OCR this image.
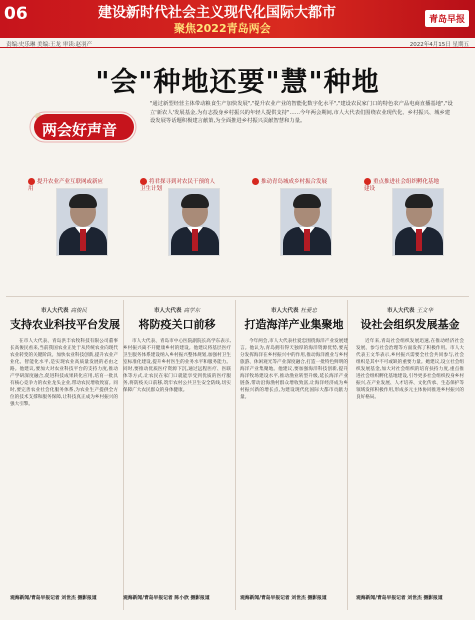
06	建设新时代社会主义现代化国际大都市
聚焦2022青岛两会
青岛早报
责编:史乐琳 美编:王龙 审读:赵羽产	2022年4月15日 星期五
"会"种地还要"慧"种地
两会好声音
"通过新型经营主体带动粮食生产加快发展","提升农业产业的智能化数字化水平","建设农民家门口的特色农产品电商直播基地","设立'新农人'发展基金,为有志投身乡村振兴的年轻人提供支持"……今年两会期间,市人大代表们围绕农业现代化、乡村振兴、城乡建设发展等话题积极建言献策,为全面推进乡村振兴贡献智慧和力量。
提升农业产业互联网或新应用
将君探寻到对农民干预的人卫生计划
推动青岛城成乡村振合发展	重点推进社会组织孵化基地建设
市人大代表 高俊民
支持农业科技平台发展
在市人大代表、青岛洪丰农牧科技有限公司董事长高俊民看来,当前我国农业正处于从传统农业向现代农业转变的关键阶段。加快农业科技创新,提升农业产业化、智能化水平,是实现农业高质量发展的必由之路。他建议,要加大对农业科技平台的支持力度,推动产学研深度融合,促进科技成果转化应用,培育一批具有核心竞争力的农业龙头企业,带动农民增收致富。同时,要完善农业社会化服务体系,为农业生产提供全方位的技术支撑和服务保障,让科技真正成为乡村振兴的强大引擎。
观海新闻/青岛早报记者 刘世杰 摄影报道
市人大代表 高学东
将防疫关口前移
市人大代表、青岛市中心医院副院长高学东表示,乡村振兴离不开健康乡村的建设。他建议将基层医疗卫生服务体系建设纳入乡村振兴整体规划,加强村卫生室标准化建设,提升乡村医生的业务水平和服务能力。同时,要推动优质医疗资源下沉,通过远程医疗、医联体等方式,让农民在家门口就能享受到优质的医疗服务,将防疫关口前移,筑牢农村公共卫生安全防线,切实保障广大农民群众的身体健康。
观海新闻/青岛早报记者 陈小欣 摄影报道
市人大代表 杜爱忠
打造海洋产业集聚地
今年两会,市人大代表杜爱忠围绕海洋产业发展建言。他认为,青岛拥有得天独厚的海洋资源优势,要充分发挥海洋在乡村振兴中的作用,推动海洋渔业与乡村旅游、休闲观光等产业深度融合,打造一批特色鲜明的海洋产业集聚地。他建议,要加强海洋科技创新,提升海洋牧场建设水平,推动渔业转型升级,延长海洋产业链条,带动沿海渔村群众增收致富,让海洋经济成为乡村振兴新的增长点,为建设现代化国际大都市贡献力量。
观海新闻/青岛早报记者 刘世杰 摄影报道
市人大代表 王文华
设社会组织发展基金
近年来,青岛社会组织发展迅速,在推动经济社会发展、参与社会治理等方面发挥了积极作用。市人大代表王文华表示,乡村振兴需要全社会共同参与,社会组织是其中不可或缺的重要力量。她建议,设立社会组织发展基金,加大对社会组织的培育扶持力度,重点推进社会组织孵化基地建设,引导更多社会组织投身乡村振兴,在产业发展、人才培养、文化传承、生态保护等领域发挥积极作用,形成多元主体协同推进乡村振兴的良好格局。
观海新闻/青岛早报记者 刘世杰 摄影报道
